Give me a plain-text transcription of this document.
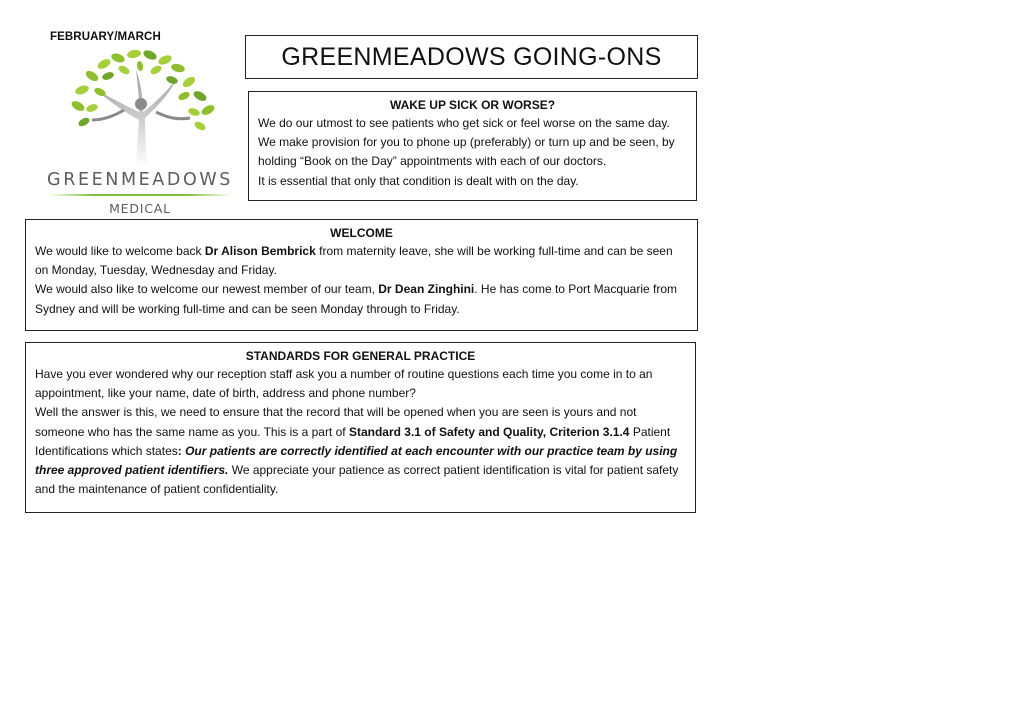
FEBRUARY/MARCH
GREENMEADOWS
MEDICAL
GREENMEADOWS GOING-ONS
WAKE UP SICK OR WORSE?
We do our utmost to see patients who get sick or feel worse on the same day.
We make provision for you to phone up (preferably) or turn up and be seen, by
holding “Book on the Day” appointments with each of our doctors.
It is essential that only that condition is dealt with on the day.
WELCOME
We would like to welcome back Dr Alison Bembrick from maternity leave, she will be working full-time and can be seen on Monday, Tuesday, Wednesday and Friday.
We would also like to welcome our newest member of our team, Dr Dean Zinghini. He has come to Port Macquarie from Sydney and will be working full-time and can be seen Monday through to Friday.
STANDARDS FOR GENERAL PRACTICE
Have you ever wondered why our reception staff ask you a number of routine questions each time you come in to an appointment, like your name, date of birth, address and phone number?
Well the answer is this, we need to ensure that the record that will be opened when you are seen is yours and not someone who has the same name as you. This is a part of Standard 3.1 of Safety and Quality, Criterion 3.1.4 Patient Identifications which states: Our patients are correctly identified at each encounter with our practice team by using three approved patient identifiers. We appreciate your patience as correct patient identification is vital for patient safety and the maintenance of patient confidentiality.
